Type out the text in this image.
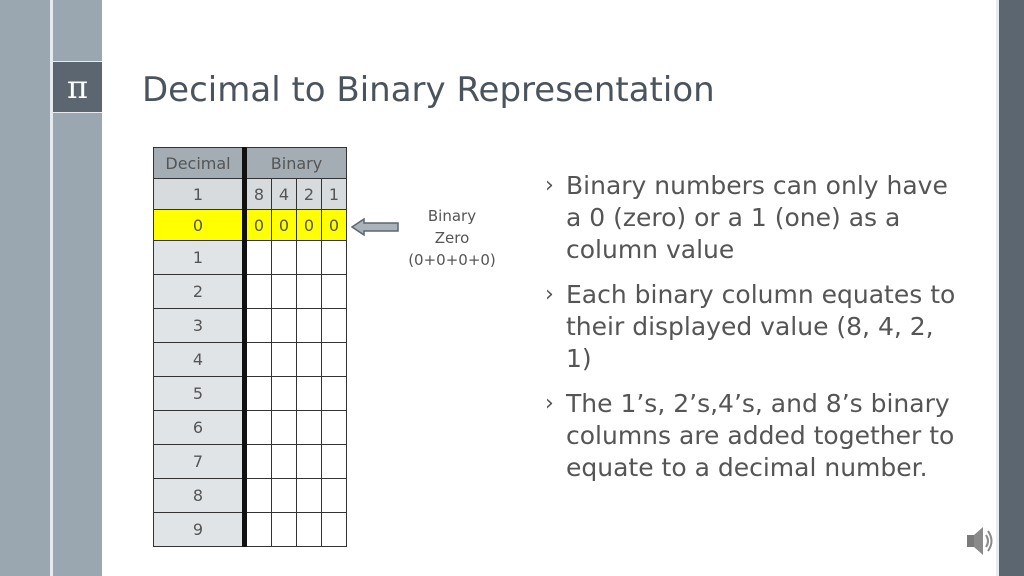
π	Decimal to Binary Representation
Decimal	Binary			
1	8	4	2	1
0	0	0	0	0
1				
2				
3				
4				
5				
6				
7				
8				
9				
Binary
Zero
(0+0+0+0)
› Binary numbers can only have a 0 (zero) or a 1 (one) as a column value
› Each binary column equates to their displayed value (8, 4, 2, 1)
› The 1’s, 2’s,4’s, and 8’s binary columns are added together to equate to a decimal number.
